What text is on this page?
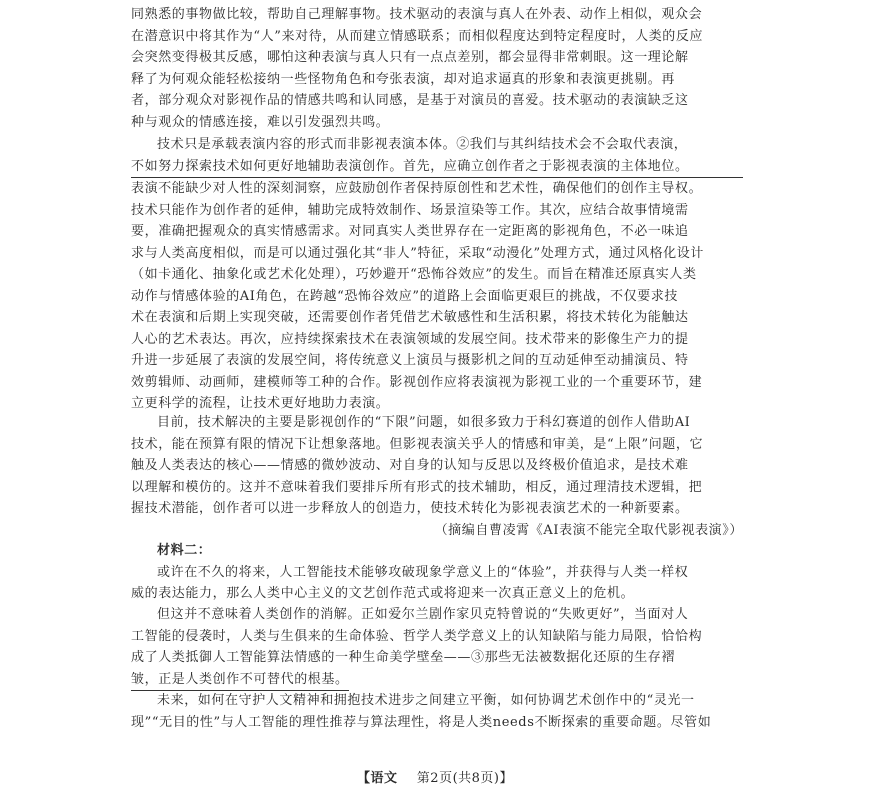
同熟悉的事物做比较，帮助自己理解事物。技术驱动的表演与真人在外表、动作上相似，观众会
在潜意识中将其作为“人”来对待，从而建立情感联系；而相似程度达到特定程度时，人类的反应
会突然变得极其反感，哪怕这种表演与真人只有一点点差别，都会显得非常刺眼。这一理论解
释了为何观众能轻松接纳一些怪物角色和夸张表演，却对追求逼真的形象和表演更挑剔。再
者，部分观众对影视作品的情感共鸣和认同感，是基于对演员的喜爱。技术驱动的表演缺乏这
种与观众的情感连接，难以引发强烈共鸣。
技术只是承载表演内容的形式而非影视表演本体。②我们与其纠结技术会不会取代表演，
不如努力探索技术如何更好地辅助表演创作。首先，应确立创作者之于影视表演的主体地位。
表演不能缺少对人性的深刻洞察，应鼓励创作者保持原创性和艺术性，确保他们的创作主导权。
技术只能作为创作者的延伸，辅助完成特效制作、场景渲染等工作。其次，应结合故事情境需
要，准确把握观众的真实情感需求。对同真实人类世界存在一定距离的影视角色，不必一味追
求与人类高度相似，而是可以通过强化其“非人”特征，采取“动漫化”处理方式，通过风格化设计
（如卡通化、抽象化或艺术化处理），巧妙避开“恐怖谷效应”的发生。而旨在精准还原真实人类
动作与情感体验的AI角色，在跨越“恐怖谷效应”的道路上会面临更艰巨的挑战，不仅要求技
术在表演和后期上实现突破，还需要创作者凭借艺术敏感性和生活积累，将技术转化为能触达
人心的艺术表达。再次，应持续探索技术在表演领域的发展空间。技术带来的影像生产力的提
升进一步延展了表演的发展空间，将传统意义上演员与摄影机之间的互动延伸至动捕演员、特
效剪辑师、动画师，建模师等工种的合作。影视创作应将表演视为影视工业的一个重要环节，建
立更科学的流程，让技术更好地助力表演。
目前，技术解决的主要是影视创作的“下限”问题，如很多致力于科幻赛道的创作人借助AI
技术，能在预算有限的情况下让想象落地。但影视表演关乎人的情感和审美，是“上限”问题，它
触及人类表达的核心——情感的微妙波动、对自身的认知与反思以及终极价值追求，是技术难
以理解和模仿的。这并不意味着我们要排斥所有形式的技术辅助，相反，通过理清技术逻辑，把
握技术潜能，创作者可以进一步释放人的创造力，使技术转化为影视表演艺术的一种新要素。
（摘编自曹凌霄《AI表演不能完全取代影视表演》）
材料二：
或许在不久的将来，人工智能技术能够攻破现象学意义上的“体验”，并获得与人类一样权
威的表达能力，那么人类中心主义的文艺创作范式或将迎来一次真正意义上的危机。
但这并不意味着人类创作的消解。正如爱尔兰剧作家贝克特曾说的“失败更好”，当面对人
工智能的侵袭时，人类与生俱来的生命体验、哲学人类学意义上的认知缺陷与能力局限，恰恰构
成了人类抵御人工智能算法情感的一种生命美学壁垒——③那些无法被数据化还原的生存褶
皱，正是人类创作不可替代的根基。
未来，如何在守护人文精神和拥抱技术进步之间建立平衡，如何协调艺术创作中的“灵光一
现”“无目的性”与人工智能的理性推荐与算法理性，将是人类needs不断探索的重要命题。尽管如
【语文 第2页(共8页)】
